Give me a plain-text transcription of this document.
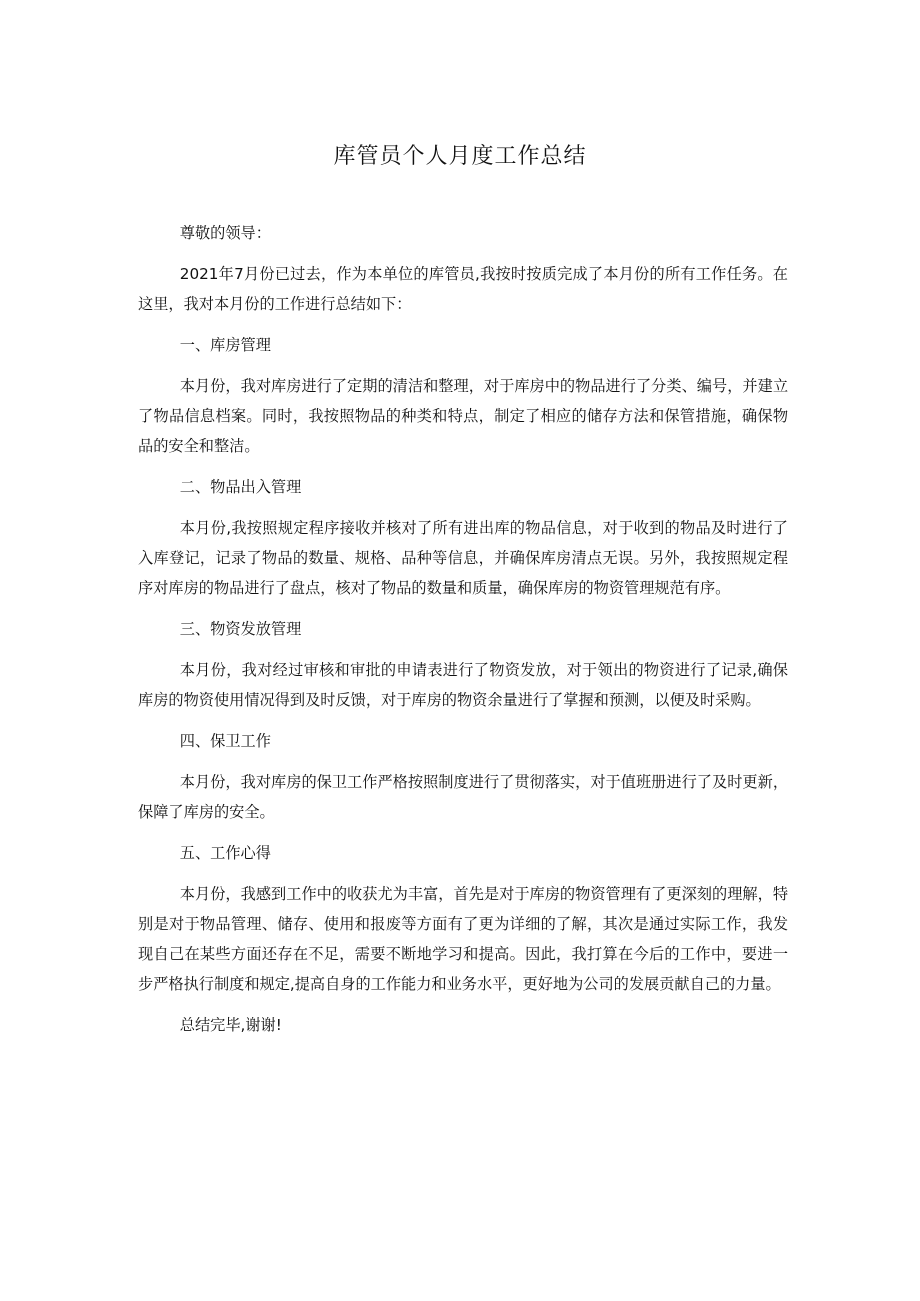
库管员个人月度工作总结

尊敬的领导：

2021年7月份已过去，作为本单位的库管员,我按时按质完成了本月份的所有工作任务。在这里，我对本月份的工作进行总结如下：

一、库房管理

本月份，我对库房进行了定期的清洁和整理，对于库房中的物品进行了分类、编号，并建立了物品信息档案。同时，我按照物品的种类和特点，制定了相应的储存方法和保管措施，确保物品的安全和整洁。

二、物品出入管理

本月份,我按照规定程序接收并核对了所有进出库的物品信息，对于收到的物品及时进行了入库登记，记录了物品的数量、规格、品种等信息，并确保库房清点无误。另外，我按照规定程序对库房的物品进行了盘点，核对了物品的数量和质量，确保库房的物资管理规范有序。

三、物资发放管理

本月份，我对经过审核和审批的申请表进行了物资发放，对于领出的物资进行了记录,确保库房的物资使用情况得到及时反馈，对于库房的物资余量进行了掌握和预测，以便及时采购。

四、保卫工作

本月份，我对库房的保卫工作严格按照制度进行了贯彻落实，对于值班册进行了及时更新，保障了库房的安全。

五、工作心得

本月份，我感到工作中的收获尤为丰富，首先是对于库房的物资管理有了更深刻的理解，特别是对于物品管理、储存、使用和报废等方面有了更为详细的了解，其次是通过实际工作，我发现自己在某些方面还存在不足，需要不断地学习和提高。因此，我打算在今后的工作中，要进一步严格执行制度和规定,提高自身的工作能力和业务水平，更好地为公司的发展贡献自己的力量。

总结完毕,谢谢!
